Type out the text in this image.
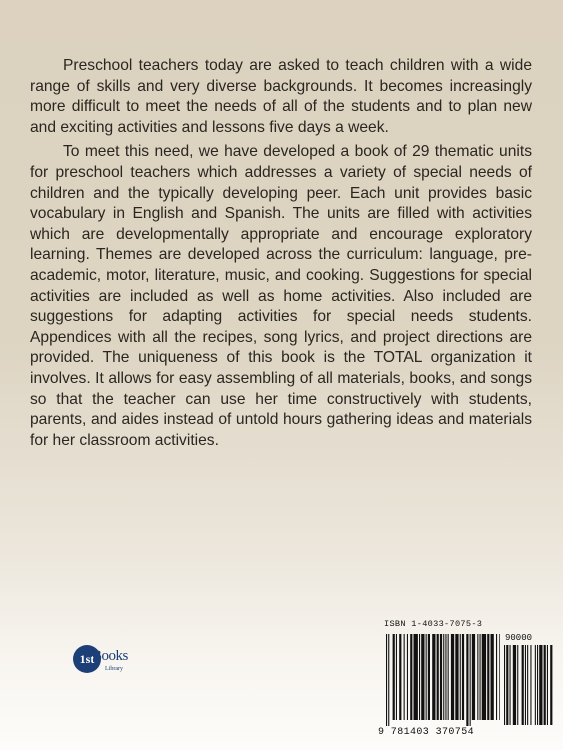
Preschool teachers today are asked to teach children with a wide range of skills and very diverse backgrounds. It becomes increasingly more difficult to meet the needs of all of the students and to plan new and exciting activities and lessons five days a week.

To meet this need, we have developed a book of 29 thematic units for preschool teachers which addresses a variety of special needs of children and the typically developing peer. Each unit provides basic vocabulary in English and Spanish. The units are filled with activities which are developmentally appropriate and encourage exploratory learning. Themes are developed across the curriculum: language, pre-academic, motor, literature, music, and cooking. Suggestions for special activities are included as well as home activities. Also included are suggestions for adapting activities for special needs students. Appendices with all the recipes, song lyrics, and project directions are provided. The uniqueness of this book is the TOTAL organization it involves. It allows for easy assembling of all materials, books, and songs so that the teacher can use her time constructively with students, parents, and aides instead of untold hours gathering ideas and materials for her classroom activities.

1st
Books
Library
ISBN 1-4033-7075-3
90000
9 781403 370754
